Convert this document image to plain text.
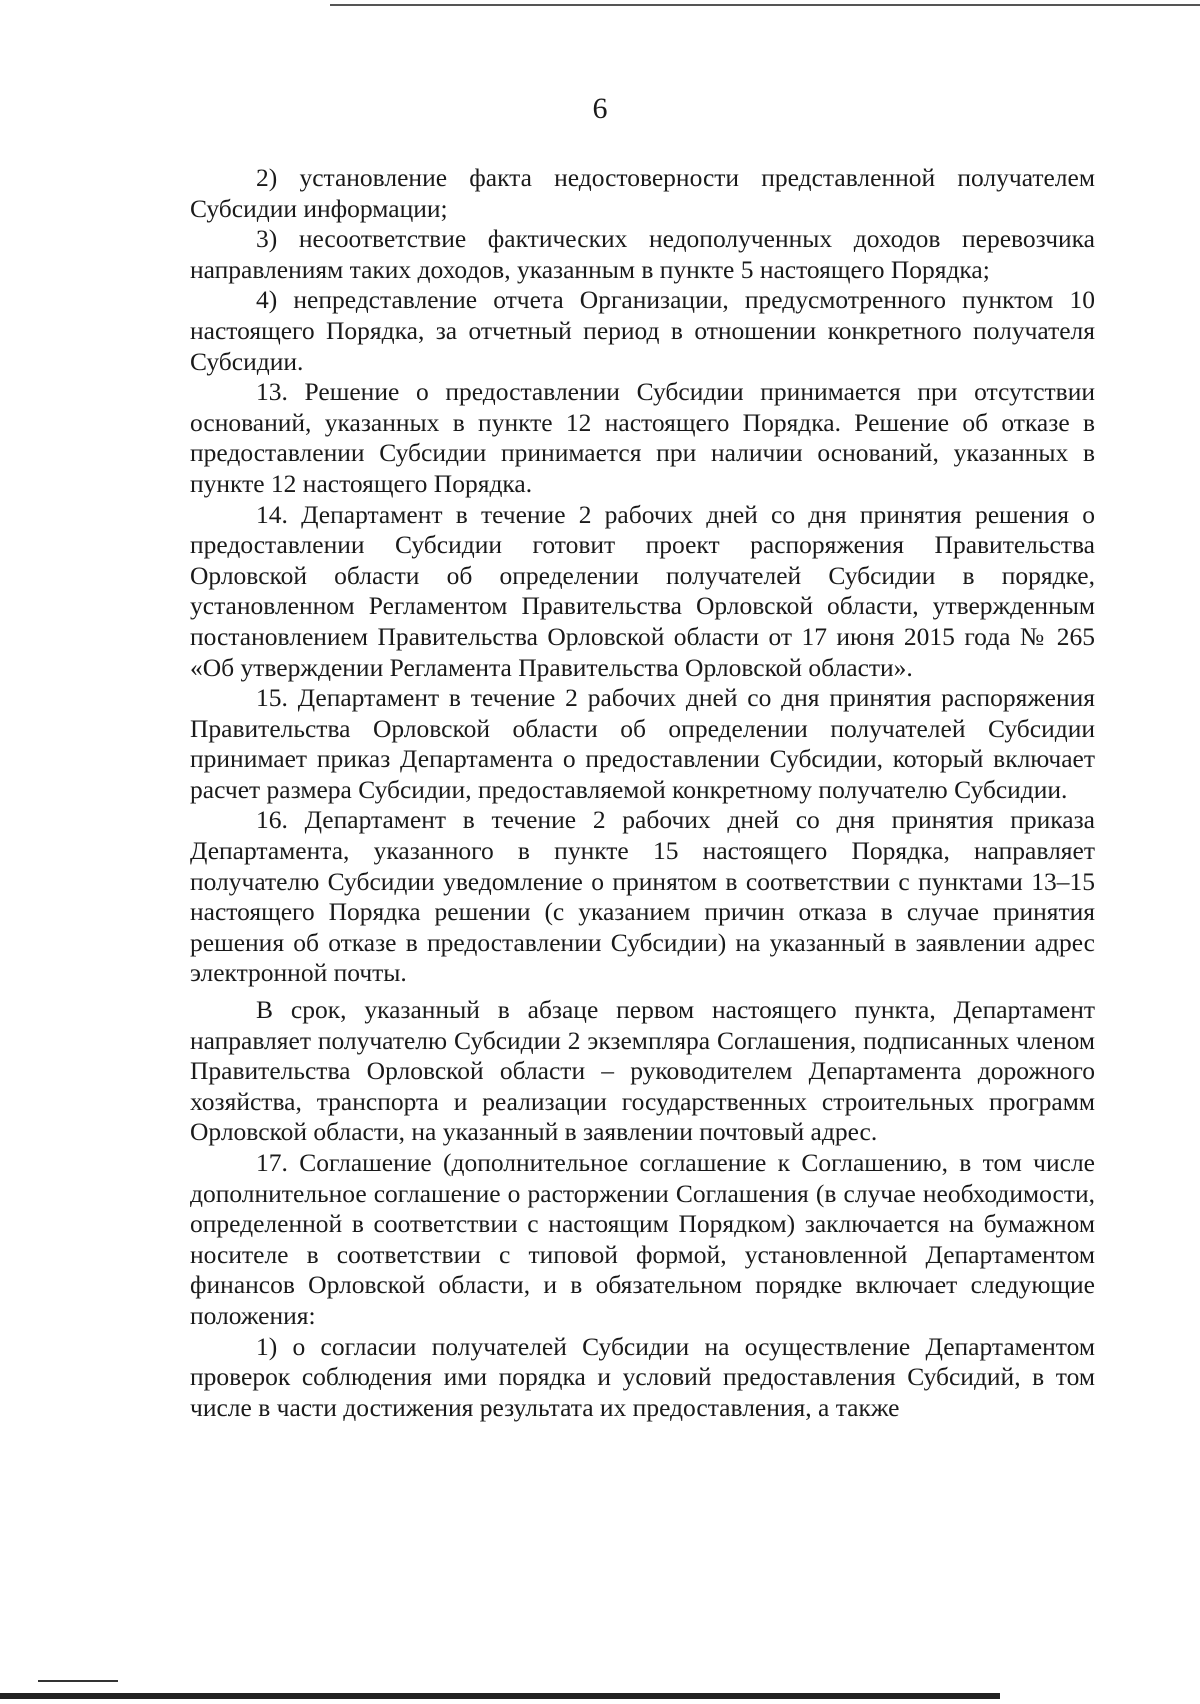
6

2) установление факта недостоверности представленной получателем Субсидии информации;

3) несоответствие фактических недополученных доходов перевозчика направлениям таких доходов, указанным в пункте 5 настоящего Порядка;

4) непредставление отчета Организации, предусмотренного пунктом 10 настоящего Порядка, за отчетный период в отношении конкретного получателя Субсидии.

13. Решение о предоставлении Субсидии принимается при отсутствии оснований, указанных в пункте 12 настоящего Порядка. Решение об отказе в предоставлении Субсидии принимается при наличии оснований, указанных в пункте 12 настоящего Порядка.

14. Департамент в течение 2 рабочих дней со дня принятия решения о предоставлении Субсидии готовит проект распоряжения Правительства Орловской области об определении получателей Субсидии в порядке, установленном Регламентом Правительства Орловской области, утвержденным постановлением Правительства Орловской области от 17 июня 2015 года № 265 «Об утверждении Регламента Правительства Орловской области».

15. Департамент в течение 2 рабочих дней со дня принятия распоряжения Правительства Орловской области об определении получателей Субсидии принимает приказ Департамента о предоставлении Субсидии, который включает расчет размера Субсидии, предоставляемой конкретному получателю Субсидии.

16. Департамент в течение 2 рабочих дней со дня принятия приказа Департамента, указанного в пункте 15 настоящего Порядка, направляет получателю Субсидии уведомление о принятом в соответствии с пунктами 13–15 настоящего Порядка решении (с указанием причин отказа в случае принятия решения об отказе в предоставлении Субсидии) на указанный в заявлении адрес электронной почты.

В срок, указанный в абзаце первом настоящего пункта, Департамент направляет получателю Субсидии 2 экземпляра Соглашения, подписанных членом Правительства Орловской области – руководителем Департамента дорожного хозяйства, транспорта и реализации государственных строительных программ Орловской области, на указанный в заявлении почтовый адрес.

17. Соглашение (дополнительное соглашение к Соглашению, в том числе дополнительное соглашение о расторжении Соглашения (в случае необходимости, определенной в соответствии с настоящим Порядком) заключается на бумажном носителе в соответствии с типовой формой, установленной Департаментом финансов Орловской области, и в обязательном порядке включает следующие положения:

1) о согласии получателей Субсидии на осуществление Департаментом проверок соблюдения ими порядка и условий предоставления Субсидий, в том числе в части достижения результата их предоставления, а также
